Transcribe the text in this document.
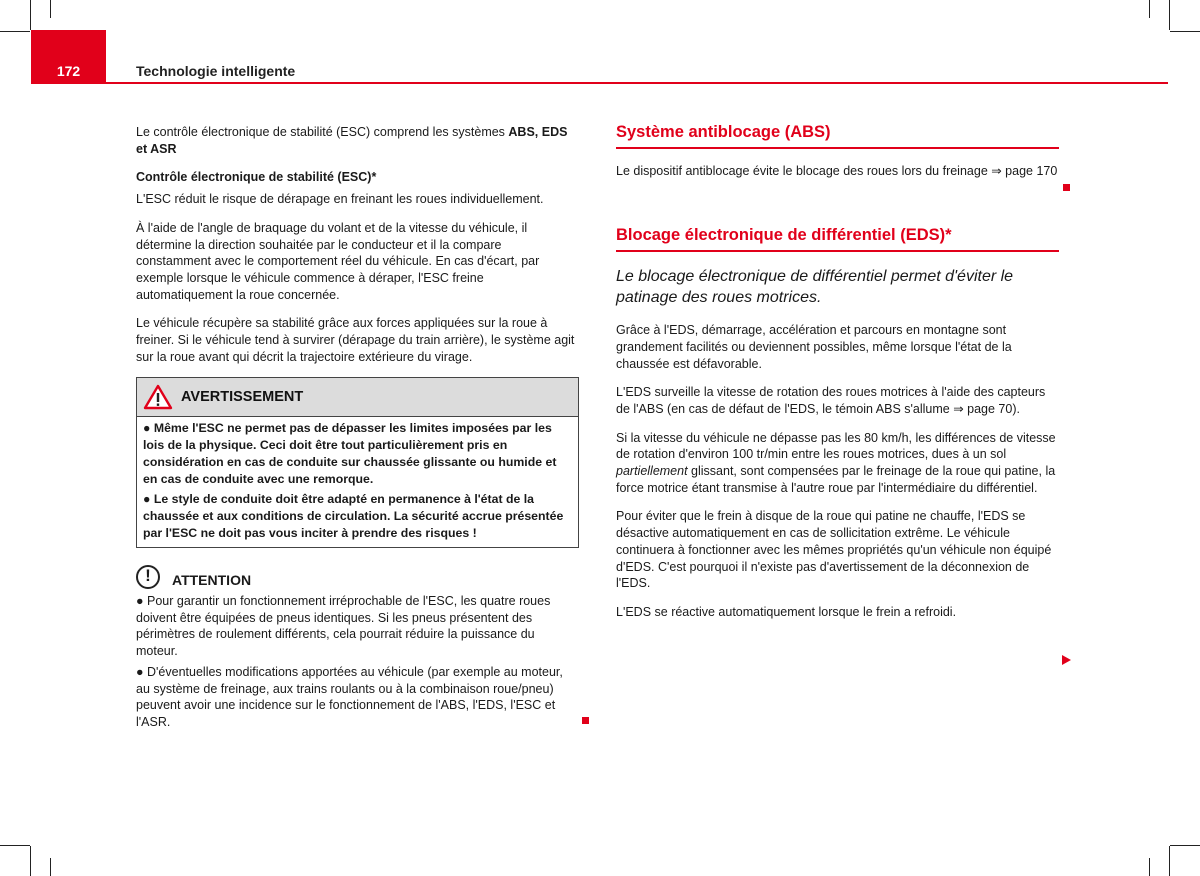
172	Technologie intelligente

Le contrôle électronique de stabilité (ESC) comprend les systèmes ABS, EDS et ASR

Contrôle électronique de stabilité (ESC)*

L'ESC réduit le risque de dérapage en freinant les roues individuellement.

À l'aide de l'angle de braquage du volant et de la vitesse du véhicule, il détermine la direction souhaitée par le conducteur et il la compare constamment avec le comportement réel du véhicule. En cas d'écart, par exemple lorsque le véhicule commence à déraper, l'ESC freine automatiquement la roue concernée.

Le véhicule récupère sa stabilité grâce aux forces appliquées sur la roue à freiner. Si le véhicule tend à survirer (dérapage du train arrière), le système agit sur la roue avant qui décrit la trajectoire extérieure du virage.

AVERTISSEMENT

● Même l'ESC ne permet pas de dépasser les limites imposées par les lois de la physique. Ceci doit être tout particulièrement pris en considération en cas de conduite sur chaussée glissante ou humide et en cas de conduite avec une remorque.

● Le style de conduite doit être adapté en permanence à l'état de la chaussée et aux conditions de circulation. La sécurité accrue présentée par l'ESC ne doit pas vous inciter à prendre des risques !

!	ATTENTION

● Pour garantir un fonctionnement irréprochable de l'ESC, les quatre roues doivent être équipées de pneus identiques. Si les pneus présentent des périmètres de roulement différents, cela pourrait réduire la puissance du moteur.

● D'éventuelles modifications apportées au véhicule (par exemple au moteur, au système de freinage, aux trains roulants ou à la combinaison roue/pneu) peuvent avoir une incidence sur le fonctionnement de l'ABS, l'EDS, l'ESC et l'ASR.

Système antiblocage (ABS)

Le dispositif antiblocage évite le blocage des roues lors du freinage ⇒ page 170

Blocage électronique de différentiel (EDS)*

Le blocage électronique de différentiel permet d'éviter le patinage des roues motrices.

Grâce à l'EDS, démarrage, accélération et parcours en montagne sont grandement facilités ou deviennent possibles, même lorsque l'état de la chaussée est défavorable.

L'EDS surveille la vitesse de rotation des roues motrices à l'aide des capteurs de l'ABS (en cas de défaut de l'EDS, le témoin ABS s'allume ⇒ page 70).

Si la vitesse du véhicule ne dépasse pas les 80 km/h, les différences de vitesse de rotation d'environ 100 tr/min entre les roues motrices, dues à un sol partiellement glissant, sont compensées par le freinage de la roue qui patine, la force motrice étant transmise à l'autre roue par l'intermédiaire du différentiel.

Pour éviter que le frein à disque de la roue qui patine ne chauffe, l'EDS se désactive automatiquement en cas de sollicitation extrême. Le véhicule continuera à fonctionner avec les mêmes propriétés qu'un véhicule non équipé d'EDS. C'est pourquoi il n'existe pas d'avertissement de la déconnexion de l'EDS.

L'EDS se réactive automatiquement lorsque le frein a refroidi.
